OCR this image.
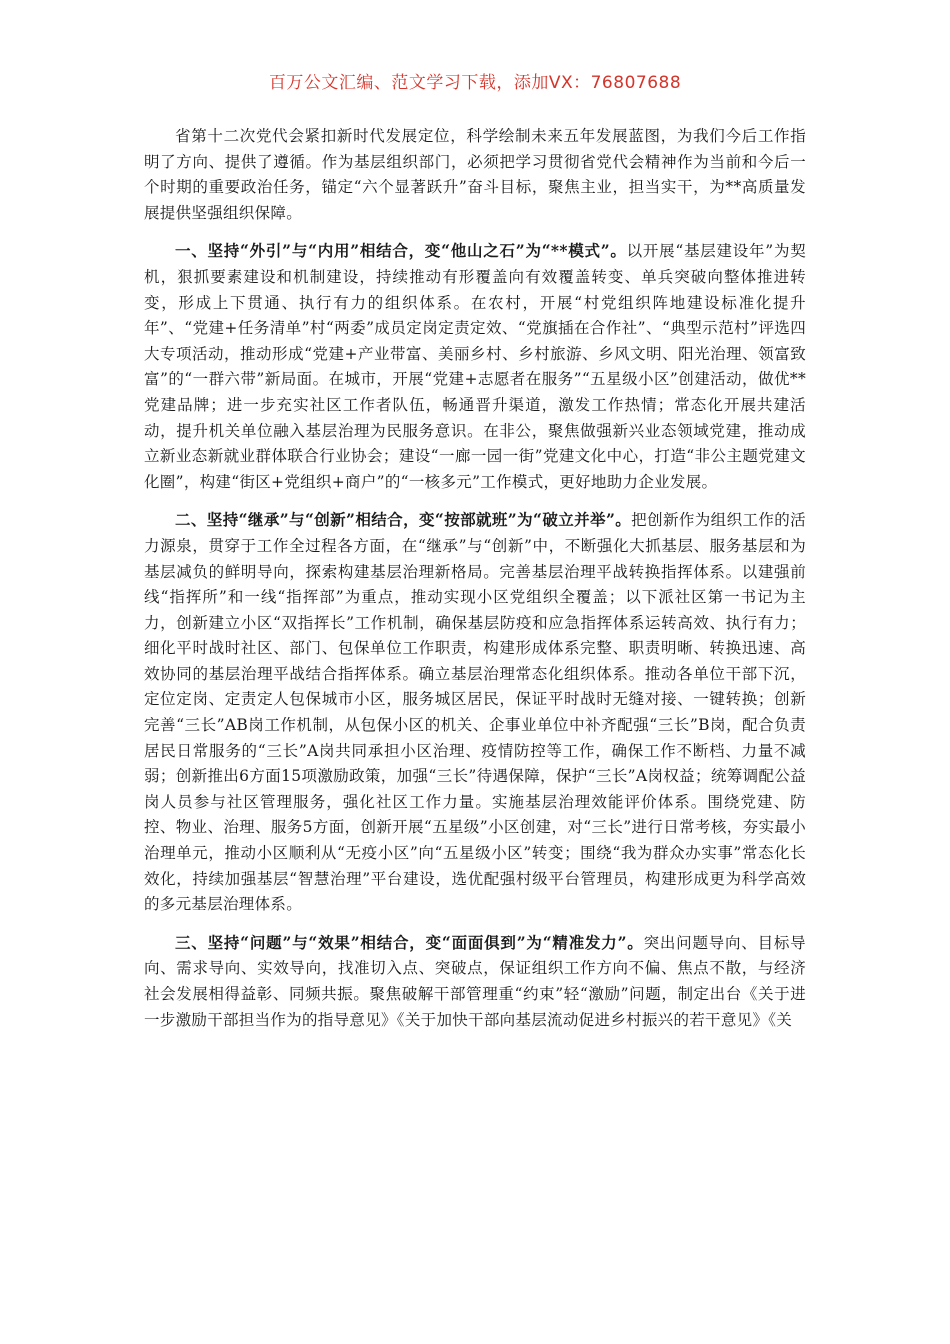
百万公文汇编、范文学习下载，添加VX：76807688

省第十二次党代会紧扣新时代发展定位，科学绘制未来五年发展蓝图，为我们今后工作指明了方向、提供了遵循。作为基层组织部门，必须把学习贯彻省党代会精神作为当前和今后一个时期的重要政治任务，锚定“六个显著跃升”奋斗目标，聚焦主业，担当实干，为**高质量发展提供坚强组织保障。

一、坚持“外引”与“内用”相结合，变“他山之石”为“**模式”。以开展“基层建设年”为契机，狠抓要素建设和机制建设，持续推动有形覆盖向有效覆盖转变、单兵突破向整体推进转变，形成上下贯通、执行有力的组织体系。在农村，开展“村党组织阵地建设标准化提升年”、“党建+任务清单”村“两委”成员定岗定责定效、“党旗插在合作社”、“典型示范村”评选四大专项活动，推动形成“党建+产业带富、美丽乡村、乡村旅游、乡风文明、阳光治理、领富致富”的“一群六带”新局面。在城市，开展“党建+志愿者在服务”“五星级小区”创建活动，做优**党建品牌；进一步充实社区工作者队伍，畅通晋升渠道，激发工作热情；常态化开展共建活动，提升机关单位融入基层治理为民服务意识。在非公，聚焦做强新兴业态领域党建，推动成立新业态新就业群体联合行业协会；建设“一廊一园一街”党建文化中心，打造“非公主题党建文化圈”，构建“街区+党组织+商户”的“一核多元”工作模式，更好地助力企业发展。

二、坚持“继承”与“创新”相结合，变“按部就班”为“破立并举”。把创新作为组织工作的活力源泉，贯穿于工作全过程各方面，在“继承”与“创新”中，不断强化大抓基层、服务基层和为基层减负的鲜明导向，探索构建基层治理新格局。完善基层治理平战转换指挥体系。以建强前线“指挥所”和一线“指挥部”为重点，推动实现小区党组织全覆盖；以下派社区第一书记为主力，创新建立小区“双指挥长”工作机制，确保基层防疫和应急指挥体系运转高效、执行有力；细化平时战时社区、部门、包保单位工作职责，构建形成体系完整、职责明晰、转换迅速、高效协同的基层治理平战结合指挥体系。确立基层治理常态化组织体系。推动各单位干部下沉，定位定岗、定责定人包保城市小区，服务城区居民，保证平时战时无缝对接、一键转换；创新完善“三长”AB岗工作机制，从包保小区的机关、企事业单位中补齐配强“三长”B岗，配合负责居民日常服务的“三长”A岗共同承担小区治理、疫情防控等工作，确保工作不断档、力量不减弱；创新推出6方面15项激励政策，加强“三长”待遇保障，保护“三长”A岗权益；统筹调配公益岗人员参与社区管理服务，强化社区工作力量。实施基层治理效能评价体系。围绕党建、防控、物业、治理、服务5方面，创新开展“五星级”小区创建，对“三长”进行日常考核，夯实最小治理单元，推动小区顺利从“无疫小区”向“五星级小区”转变；围绕“我为群众办实事”常态化长效化，持续加强基层“智慧治理”平台建设，选优配强村级平台管理员，构建形成更为科学高效的多元基层治理体系。

三、坚持“问题”与“效果”相结合，变“面面俱到”为“精准发力”。突出问题导向、目标导向、需求导向、实效导向，找准切入点、突破点，保证组织工作方向不偏、焦点不散，与经济社会发展相得益彰、同频共振。聚焦破解干部管理重“约束”轻“激励”问题，制定出台《关于进一步激励干部担当作为的指导意见》《关于加快干部向基层流动促进乡村振兴的若干意见》《关
